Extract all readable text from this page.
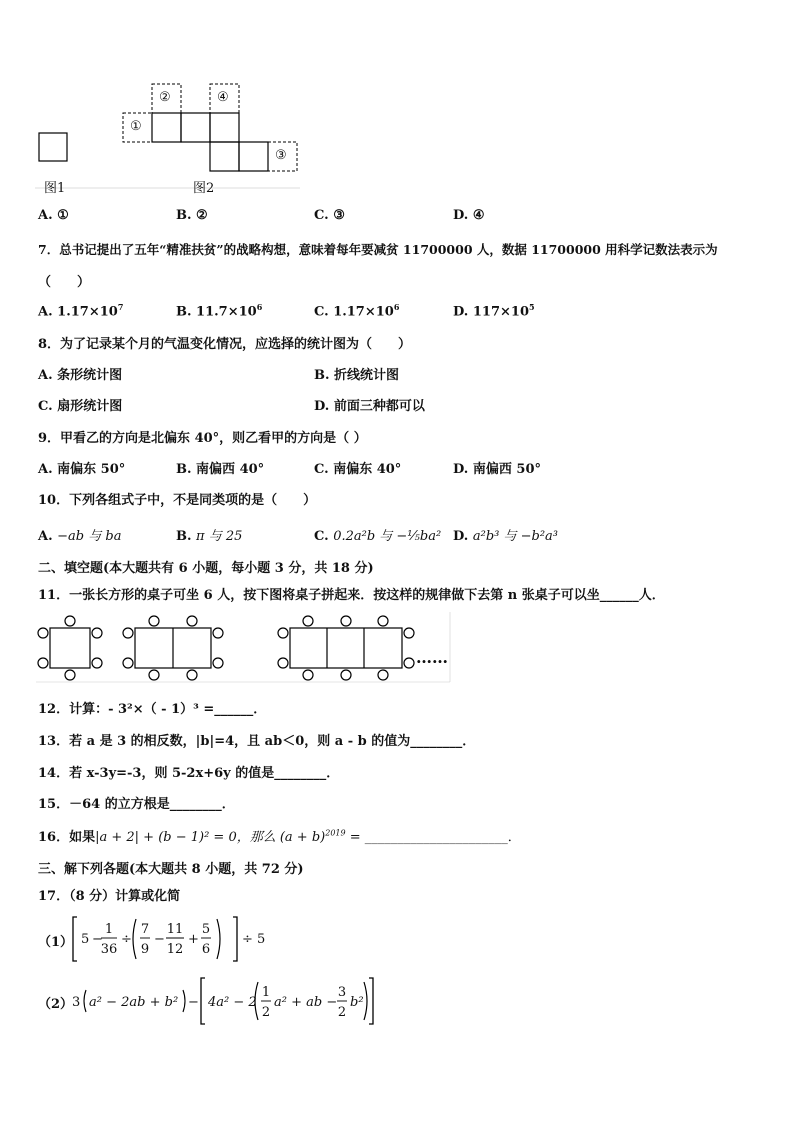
①
②	④
③
图1	图2
A. ①	B. ②	C. ③	D. ④
7．总书记提出了五年“精准扶贫”的战略构想，意味着每年要减贫 11700000 人，数据 11700000 用科学记数法表示为
（　　）
A. $1.17\times 10^7$	B. $11.7\times 10^6$	C. $1.17\times 10^6$	D. $117\times 10^5$
8．为了记录某个月的气温变化情况，应选择的统计图为（　　）
A. 条形统计图	B. 折线统计图
C. 扇形统计图	D. 前面三种都可以
9．甲看乙的方向是北偏东 40°，则乙看甲的方向是（ ）
A. 南偏东 50°	B. 南偏西 40°	C. 南偏东 40°	D. 南偏西 50°
10．下列各组式子中，不是同类项的是（　　）
A. −ab 与 ba	B. π 与 25	C. 0.2a²b 与 −⅕ba² D. a²b³ 与 −b²a³
二、填空题(本大题共有 6 小题，每小题 3 分，共 18 分)
11．一张长方形的桌子可坐 6 人，按下图将桌子拼起来．按这样的规律做下去第 n 张桌子可以坐______人．
……
12．计算：- 3²×（ - 1）³ =______．
13．若 a 是 3 的相反数，|b|=4，且 ab＜0，则 a - b 的值为________．
14．若 x-3y=-3，则 5-2x+6y 的值是________．
15．－64 的立方根是________．
16．如果|a + 2| + (b − 1)² = 0，那么 $(a + b)^{2019}$ = ______________________．
三、解下列各题(本大题共 8 小题，共 72 分)
17．（8 分）计算或化简
（1） 5 −
1
36
÷
7
9
−
11
12
+
5
6
÷ 5
（2）
3 a² − 2ab + b² − 4a² − 2
1
2
a² + ab −
3
2
b²
